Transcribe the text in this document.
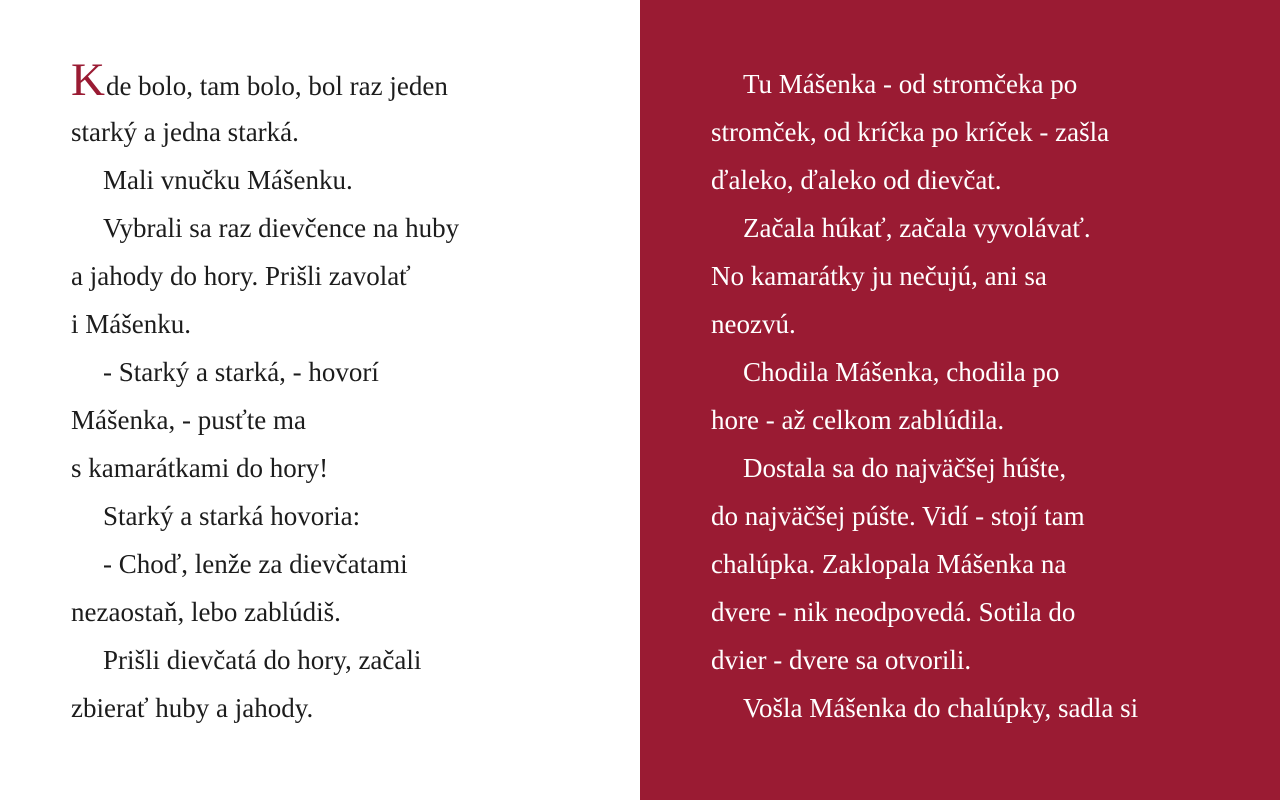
Kde bolo, tam bolo, bol raz jeden
starký a jedna starká.
Mali vnučku Mášenku.
Vybrali sa raz dievčence na huby
a jahody do hory. Prišli zavolať
i Mášenku.
- Starký a starká, - hovorí
Mášenka, - pusťte ma
s kamarátkami do hory!
Starký a starká hovoria:
- Choď, lenže za dievčatami
nezaostaň, lebo zablúdiš.
Prišli dievčatá do hory, začali
zbierať huby a jahody.
Tu Mášenka - od stromčeka po
stromček, od kríčka po kríček - zašla
ďaleko, ďaleko od dievčat.
Začala húkať, začala vyvolávať.
No kamarátky ju nečujú, ani sa
neozvú.
Chodila Mášenka, chodila po
hore - až celkom zablúdila.
Dostala sa do najväčšej húšte,
do najväčšej púšte. Vidí - stojí tam
chalúpka. Zaklopala Mášenka na
dvere - nik neodpovedá. Sotila do
dvier - dvere sa otvorili.
Vošla Mášenka do chalúpky, sadla si
